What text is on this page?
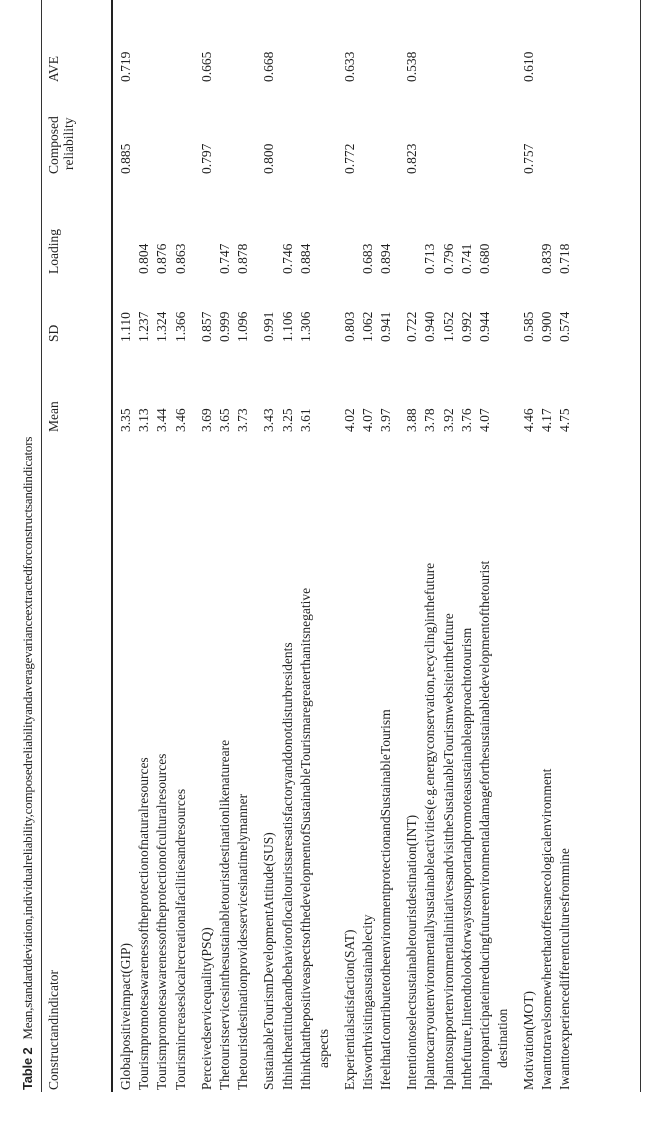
Table 2Mean,standarddeviation,individualreliability,composedreliabilityandaveragevarianceextractedforconstructsandindicators Constructandindicator	Mean	SD	Loading	Composed
reliability	AVE
Globalpositiveimpact(GIP)	3.35	1.110		0.885	0.719
Tourismpromotesawarenessoftheprotectionofnaturalresources	3.13	1.237	0.804		
Tourismpromotesawarenessoftheprotectionofculturalresources	3.44	1.324	0.876		
Tourismincreaseslocalrecreationalfacilitiesandresources	3.46	1.366	0.863		

Perceivedservicequality(PSQ)	3.69	0.857		0.797	0.665
Thetouristservicesinthesustainabletouristdestinationlikenatureare	3.65	0.999	0.747		
Thetouristdestinationprovidesservicesinatimelymanner	3.73	1.096	0.878		

SustainableTourismDevelopmentAttitude(SUS)	3.43	0.991		0.800	0.668
Ithinktheattitudeandbehavioroflocaltouristsaresatisfactoryanddonotdisturbresidents	3.25	1.106	0.746		
IthinkthatthepositiveaspectsofthedevelopmentofSustainableTourismaregreaterthanitsnegative aspects	3.61	1.306	0.884		

Experientialsatisfaction(SAT)	4.02	0.803		0.772	0.633
Itisworthvisitingasustainablecity	4.07	1.062	0.683		
IfeelthatIcontributetotheenvironmentprotectionandSustainableTourism	3.97	0.941	0.894		

Intentiontoselectsustainabletouristdestination(INT)	3.88	0.722		0.823	0.538
Iplantocarryoutenvironmentallysustainableactivities(e.g.energyconservation,recycling)inthefuture	3.78	0.940	0.713		
IplantosupportenvironmentalinitiativesandvisittheSustainableTourismwebsiteinthefuture	3.92	1.052	0.796		
Inthefuture,Iintendtolookforwaystosupportandpromoteasustainableapproachtotourism	3.76	0.992	0.741		
Iplantoparticipateinreducingfutureenvironmentaldamageforthesustainabledevelopmentofthetourist destination	4.07	0.944	0.680		

Motivation(MOT)	4.46	0.585		0.757	0.610
Iwanttotravelsomewherethatoffersanecologicalenvironment	4.17	0.900	0.839		
Iwanttoexperiencedifferentculturesfrommine	4.75	0.574	0.718		
